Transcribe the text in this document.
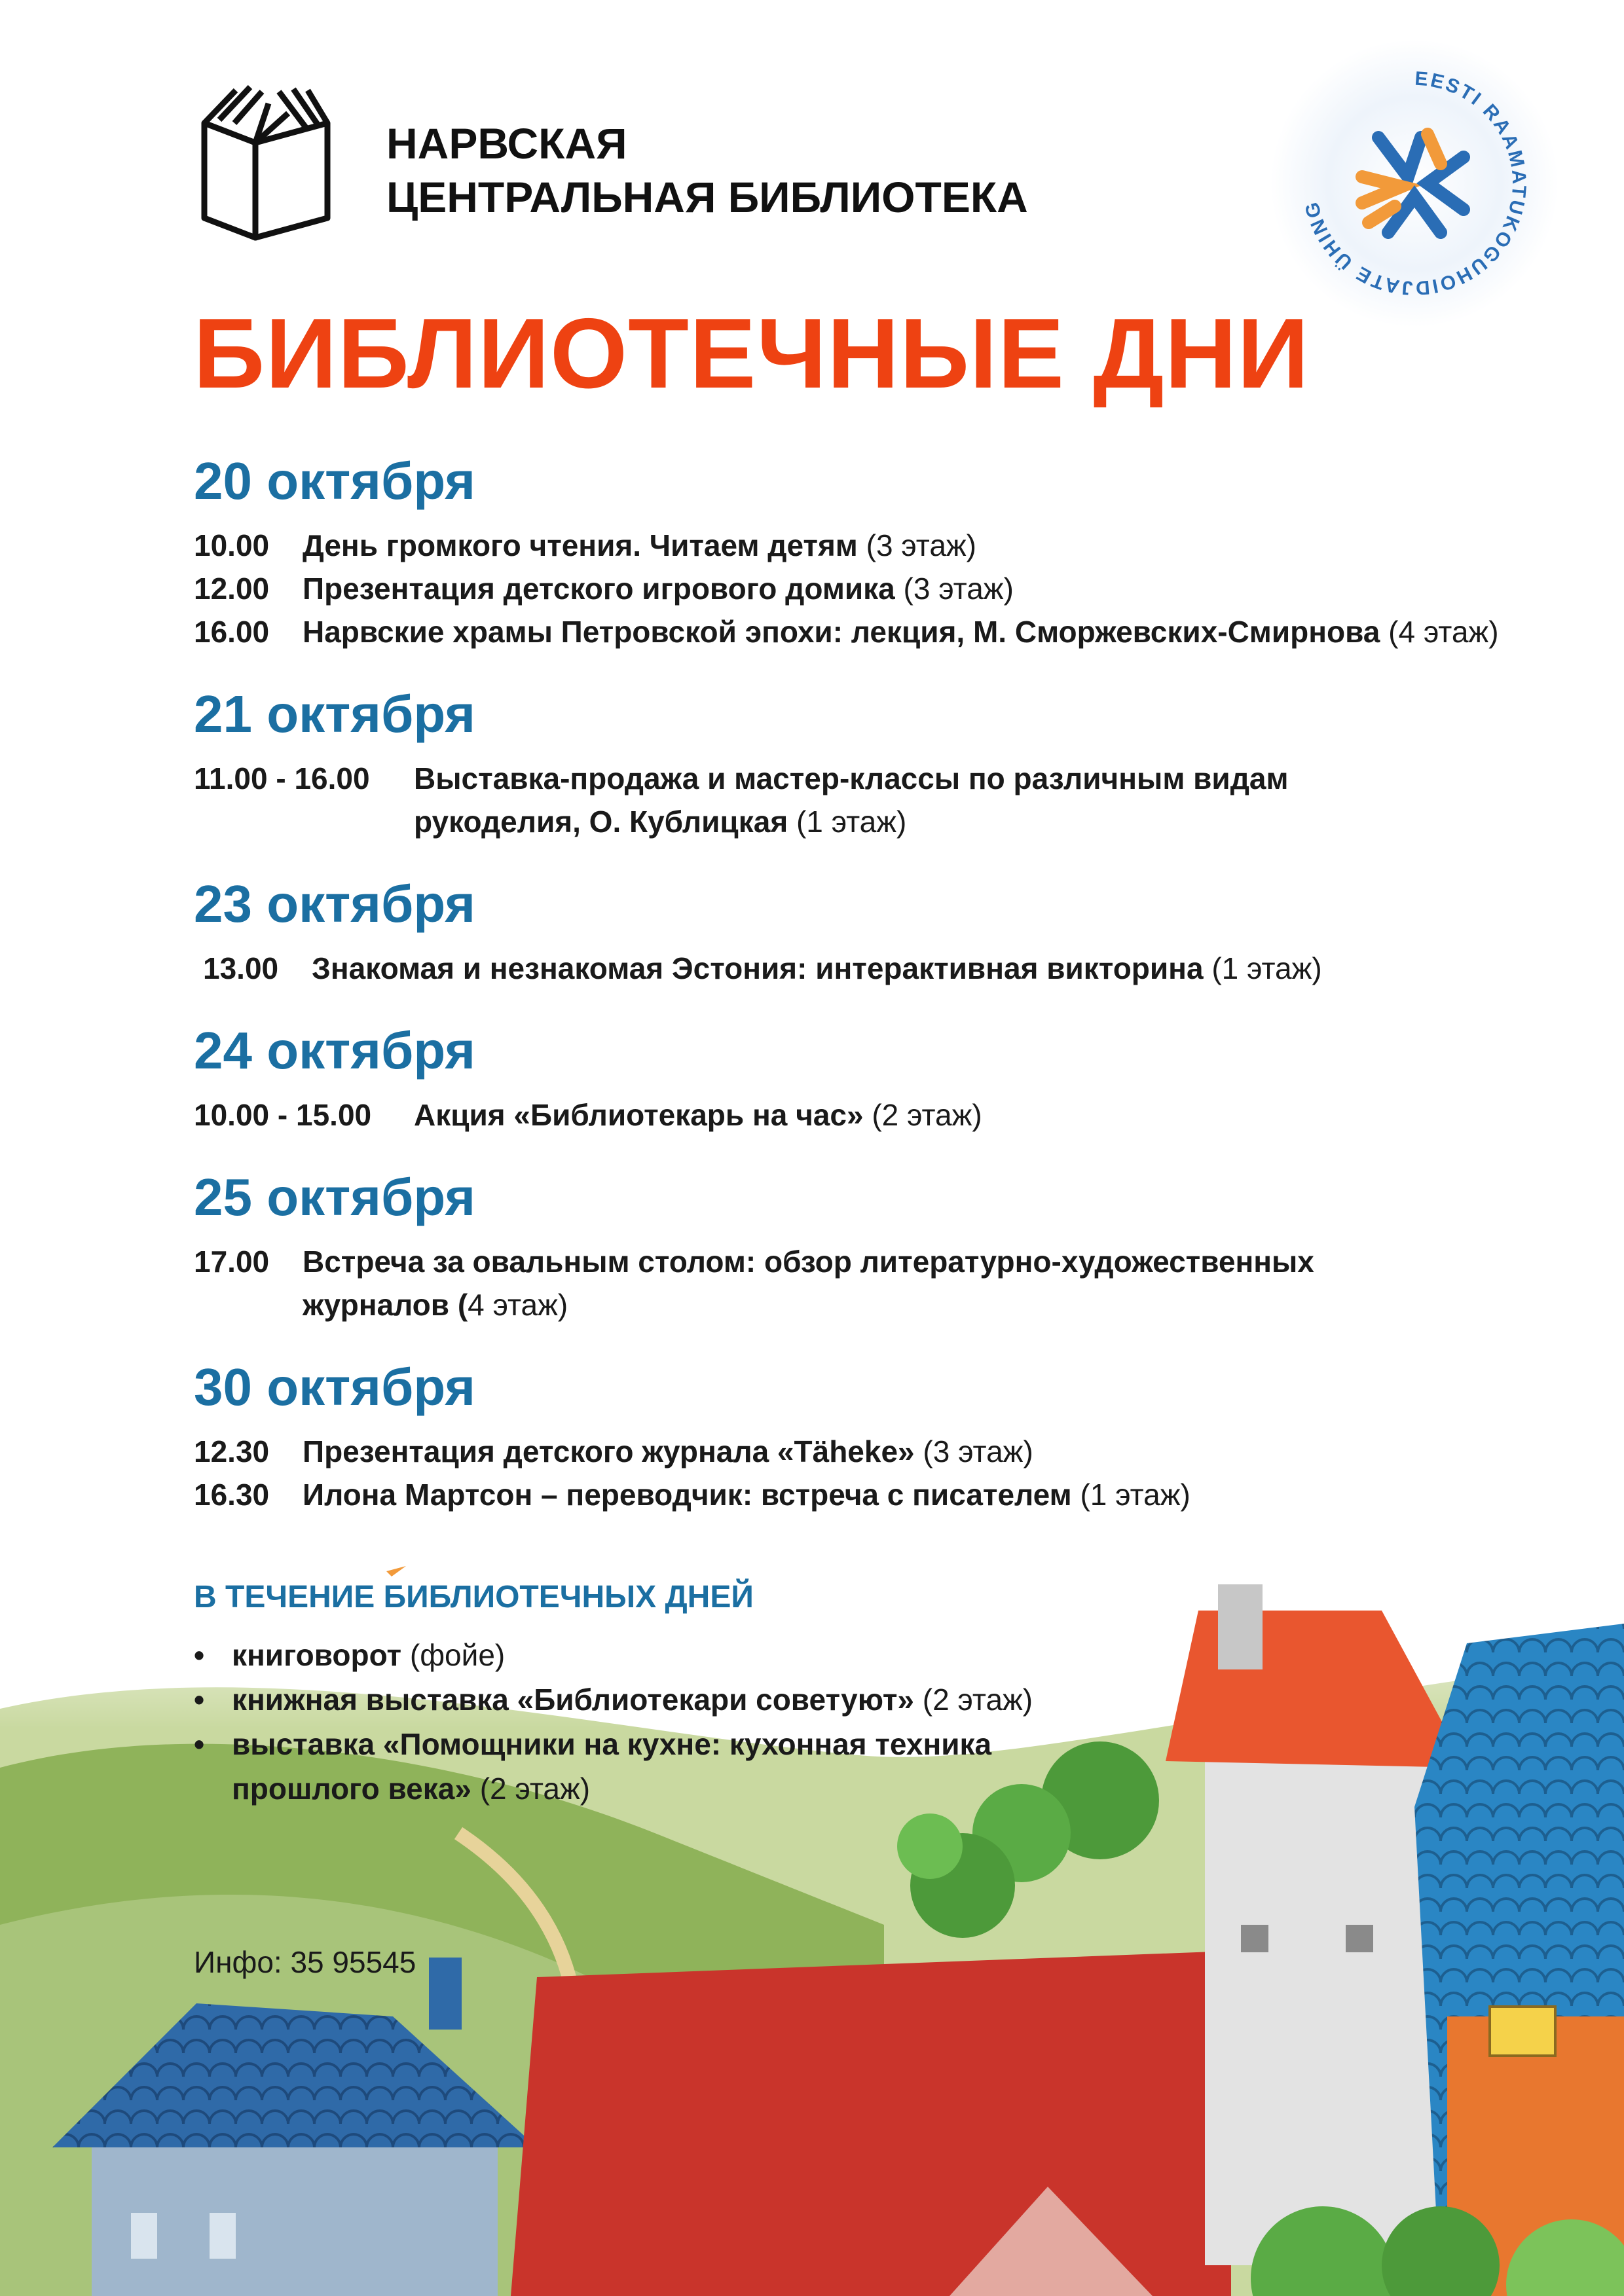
НАРВСКАЯ
ЦЕНТРАЛЬНАЯ БИБЛИОТЕКА
EESTI RAAMATUKOGUHOIDJATE ÜHING
БИБЛИОТЕЧНЫЕ ДНИ
20 октября
10.00	День громкого чтения. Читаем детям (3 этаж)
12.00	Презентация детского игрового домика (3 этаж)
16.00	Нарвские храмы Петровской эпохи: лекция, М. Сморжевских-Смирнова (4 этаж)
21 октября
11.00 - 16.00	Выставка-продажа и мастер-классы по различным видам рукоделия, О. Кублицкая (1 этаж)
23 октября
13.00	Знакомая и незнакомая Эстония: интерактивная викторина (1 этаж)
24 октября
10.00 - 15.00	Акция «Библиотекарь на час» (2 этаж)
25 октября
17.00	Встреча за овальным столом: обзор литературно-художественных журналов (4 этаж)
30 октября
12.30	Презентация детского журнала «Täheke» (3 этаж)
16.30	Илона Мартсон – переводчик: встреча с писателем (1 этаж)
В ТЕЧЕНИЕ БИБЛИОТЕЧНЫХ ДНЕЙ
• книговорот (фойе)
• книжная выставка «Библиотекари советуют» (2 этаж)
• выставка «Помощники на кухне: кухонная техника прошлого века» (2 этаж)
Инфо: 35 95545
